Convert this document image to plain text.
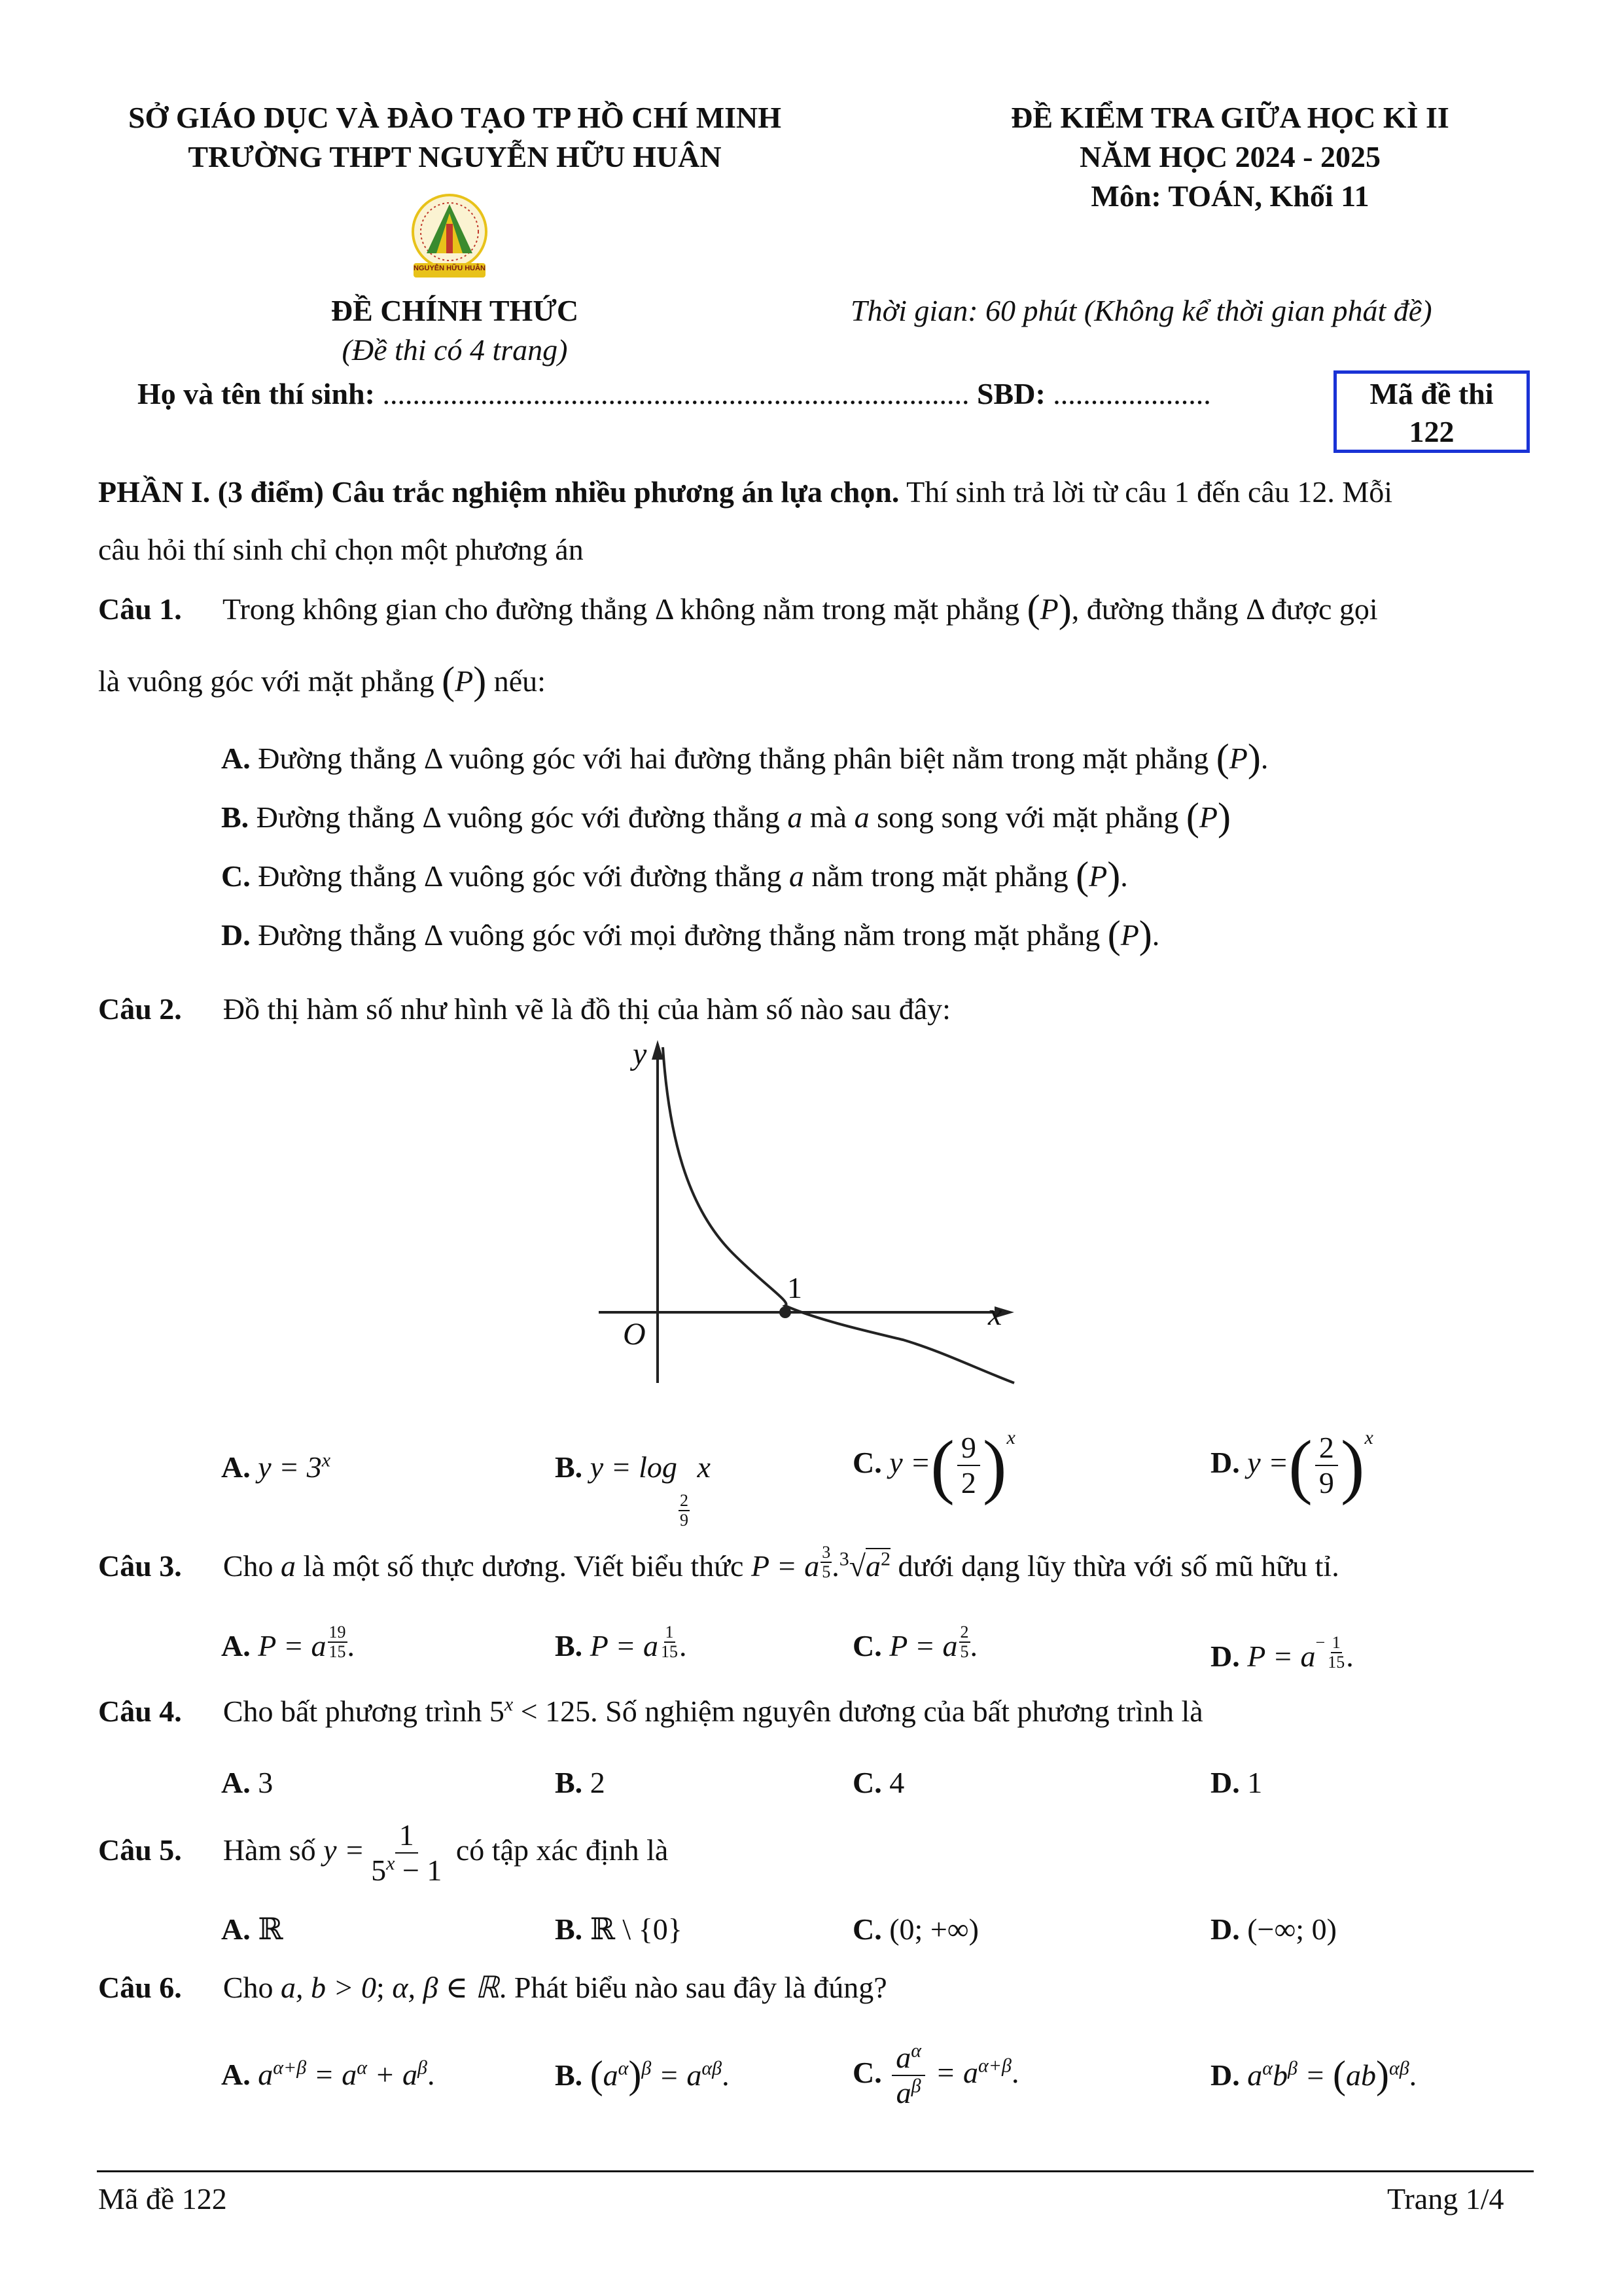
SỞ GIÁO DỤC VÀ ĐÀO TẠO TP HỒ CHÍ MINH
TRƯỜNG THPT NGUYỄN HỮU HUÂN
NGUYỄN HỮU HUÂN
ĐỀ CHÍNH THỨC
(Đề thi có 4 trang)
ĐỀ KIỂM TRA GIỮA HỌC KÌ II
NĂM HỌC 2024 - 2025
Môn: TOÁN, Khối 11
Thời gian: 60 phút (Không kể thời gian phát đề)
Họ và tên thí sinh: .............................................................................. SBD: .....................	Mã đề thi
122
PHẦN I. (3 điểm) Câu trắc nghiệm nhiều phương án lựa chọn. Thí sinh trả lời từ câu 1 đến câu 12. Mỗi
câu hỏi thí sinh chỉ chọn một phương án
Câu 1. Trong không gian cho đường thẳng Δ không nằm trong mặt phẳng (P), đường thẳng Δ được gọi
là vuông góc với mặt phẳng (P) nếu:
A. Đường thẳng Δ vuông góc với hai đường thẳng phân biệt nằm trong mặt phẳng (P).
B. Đường thẳng Δ vuông góc với đường thẳng a mà a song song với mặt phẳng (P)
C. Đường thẳng Δ vuông góc với đường thẳng a nằm trong mặt phẳng (P).
D. Đường thẳng Δ vuông góc với mọi đường thẳng nằm trong mặt phẳng (P).
Câu 2. Đồ thị hàm số như hình vẽ là đồ thị của hàm số nào sau đây:
y
x
O
1
A. $y = 3^x$	B. y = log
$\frac{2}{9}$
x	C. y =( $\frac{9}{2} )^x$
D. y =( $\frac{2}{9} )^x$
Câu 3. Cho a là một số thực dương. Viết biểu thức P = a $\frac{3}{5} .^3√a^2$ dưới dạng lũy thừa với số mũ hữu tỉ.
A. P = a $\frac{19}{15}$ .	B. P = a $\frac{1}{15}$ .	C. P = a $\frac{2}{5}$ .	D. $P = a^- \frac{1}{15}$ .
Câu 4. Cho bất phương trình $5^x < 125$. Số nghiệm nguyên dương của bất phương trình là
A. 3	B. 2	C. 4	D. 1
Câu 5. Hàm số $y = \frac{1}{5^x - 1}$ có tập xác định là
A. ℝ	B. ℝ \ {0}	C. (0; +∞)	D. (−∞; 0)
Câu 6. Cho a, b > 0; α, β ∈ ℝ. Phát biểu nào sau đây là đúng?
A. $a^{\alpha+\beta} = a^\alpha + a^\beta$.	B. $(a^\alpha)^\beta = a^{\alpha\beta}$.	C. $\frac{a^\alpha}{a^\beta} = a^{\alpha+\beta}$.	D. $a^\alpha b^\beta = (ab)^{\alpha\beta}$.
Mã đề 122	Trang 1/4
